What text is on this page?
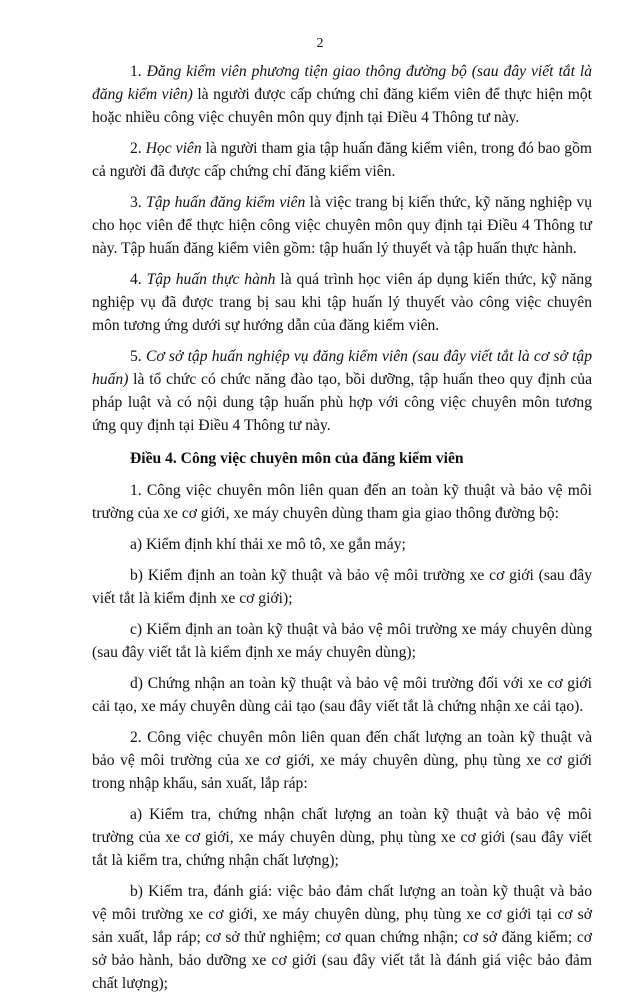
2

1. Đăng kiểm viên phương tiện giao thông đường bộ (sau đây viết tắt là đăng kiểm viên) là người được cấp chứng chỉ đăng kiểm viên để thực hiện một hoặc nhiều công việc chuyên môn quy định tại Điều 4 Thông tư này.

2. Học viên là người tham gia tập huấn đăng kiểm viên, trong đó bao gồm cả người đã được cấp chứng chỉ đăng kiểm viên.

3. Tập huấn đăng kiểm viên là việc trang bị kiến thức, kỹ năng nghiệp vụ cho học viên để thực hiện công việc chuyên môn quy định tại Điều 4 Thông tư này. Tập huấn đăng kiểm viên gồm: tập huấn lý thuyết và tập huấn thực hành.

4. Tập huấn thực hành là quá trình học viên áp dụng kiến thức, kỹ năng nghiệp vụ đã được trang bị sau khi tập huấn lý thuyết vào công việc chuyên môn tương ứng dưới sự hướng dẫn của đăng kiểm viên.

5. Cơ sở tập huấn nghiệp vụ đăng kiểm viên (sau đây viết tắt là cơ sở tập huấn) là tổ chức có chức năng đào tạo, bồi dưỡng, tập huấn theo quy định của pháp luật và có nội dung tập huấn phù hợp với công việc chuyên môn tương ứng quy định tại Điều 4 Thông tư này.

Điều 4. Công việc chuyên môn của đăng kiểm viên

1. Công việc chuyên môn liên quan đến an toàn kỹ thuật và bảo vệ môi trường của xe cơ giới, xe máy chuyên dùng tham gia giao thông đường bộ:

a) Kiểm định khí thải xe mô tô, xe gắn máy;

b) Kiểm định an toàn kỹ thuật và bảo vệ môi trường xe cơ giới (sau đây viết tắt là kiểm định xe cơ giới);

c) Kiểm định an toàn kỹ thuật và bảo vệ môi trường xe máy chuyên dùng (sau đây viết tắt là kiểm định xe máy chuyên dùng);

d) Chứng nhận an toàn kỹ thuật và bảo vệ môi trường đối với xe cơ giới cải tạo, xe máy chuyên dùng cải tạo (sau đây viết tắt là chứng nhận xe cải tạo).

2. Công việc chuyên môn liên quan đến chất lượng an toàn kỹ thuật và bảo vệ môi trường của xe cơ giới, xe máy chuyên dùng, phụ tùng xe cơ giới trong nhập khẩu, sản xuất, lắp ráp:

a) Kiểm tra, chứng nhận chất lượng an toàn kỹ thuật và bảo vệ môi trường của xe cơ giới, xe máy chuyên dùng, phụ tùng xe cơ giới (sau đây viết tắt là kiểm tra, chứng nhận chất lượng);

b) Kiểm tra, đánh giá: việc bảo đảm chất lượng an toàn kỹ thuật và bảo vệ môi trường xe cơ giới, xe máy chuyên dùng, phụ tùng xe cơ giới tại cơ sở sản xuất, lắp ráp; cơ sở thử nghiệm; cơ quan chứng nhận; cơ sở đăng kiểm; cơ sở bảo hành, bảo dưỡng xe cơ giới (sau đây viết tắt là đánh giá việc bảo đảm chất lượng);
